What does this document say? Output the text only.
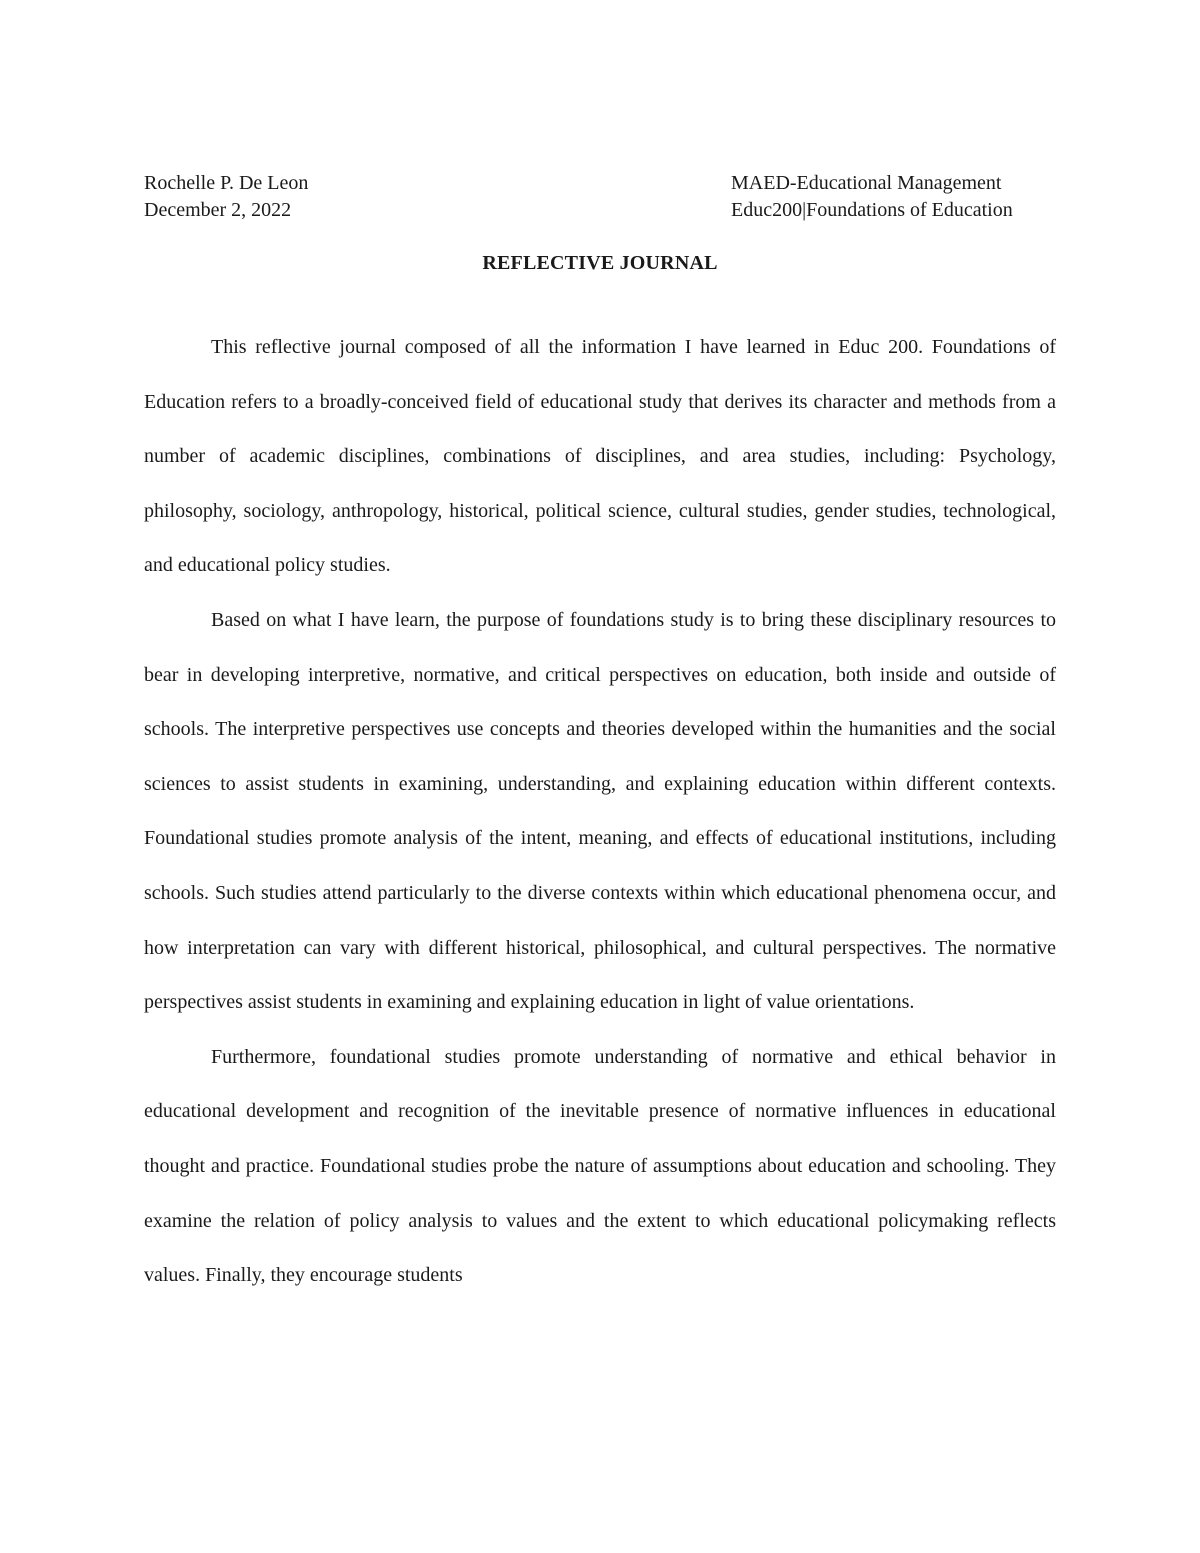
Rochelle P. De Leon	MAED-Educational Management
December 2, 2022	Educ200|Foundations of Education
REFLECTIVE JOURNAL

This reflective journal composed of all the information I have learned in Educ 200. Foundations of Education refers to a broadly-conceived field of educational study that derives its character and methods from a number of academic disciplines, combinations of disciplines, and area studies, including: Psychology, philosophy, sociology, anthropology, historical, political science, cultural studies, gender studies, technological, and educational policy studies.

Based on what I have learn, the purpose of foundations study is to bring these disciplinary resources to bear in developing interpretive, normative, and critical perspectives on education, both inside and outside of schools. The interpretive perspectives use concepts and theories developed within the humanities and the social sciences to assist students in examining, understanding, and explaining education within different contexts. Foundational studies promote analysis of the intent, meaning, and effects of educational institutions, including schools. Such studies attend particularly to the diverse contexts within which educational phenomena occur, and how interpretation can vary with different historical, philosophical, and cultural perspectives. The normative perspectives assist students in examining and explaining education in light of value orientations.

Furthermore, foundational studies promote understanding of normative and ethical behavior in educational development and recognition of the inevitable presence of normative influences in educational thought and practice. Foundational studies probe the nature of assumptions about education and schooling. They examine the relation of policy analysis to values and the extent to which educational policymaking reflects values. Finally, they encourage students
